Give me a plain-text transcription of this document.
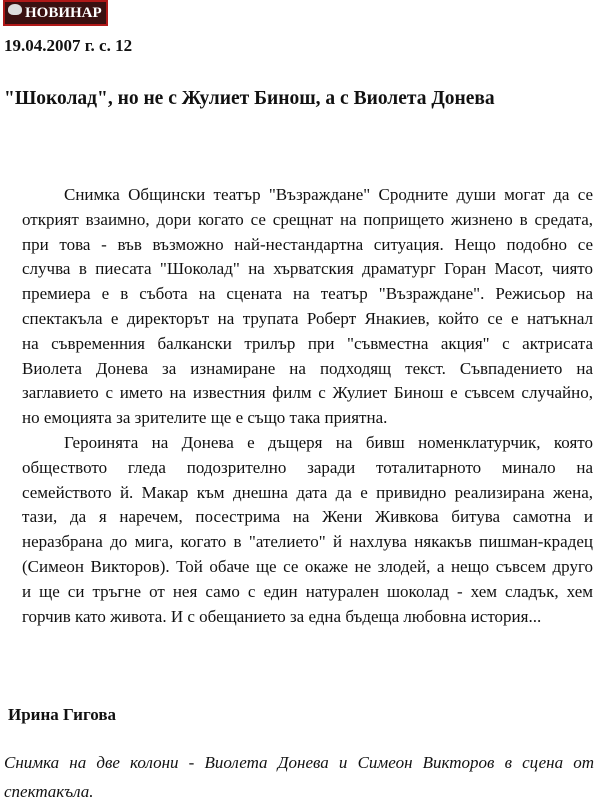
НОВИНАР
19.04.2007 г. с. 12
"Шоколад", но не с Жулиет Бинош, а с Виолета Донева
Снимка Общински театър "Възраждане" Сродните души могат да се
открият взаимно, дори когато се срещнат на попрището жизнено в средата,
при това - във възможно най-нестандартна ситуация. Нещо подобно се
случва в пиесата "Шоколад" на хърватския драматург Горан Масот, чиято
премиера е в събота на сцената на театър "Възраждане". Режисьор на
спектакъла е директорът на трупата Роберт Янакиев, който се е натъкнал
на съвременния балкански трилър при "съвместна акция" с актрисата
Виолета Донева за изнамиране на подходящ текст. Съвпадението на
заглавието с името на известния филм с Жулиет Бинош е съвсем случайно,
но емоцията за зрителите ще е също така приятна.
Героинята на Донева е дъщеря на бивш номенклатурчик, която
обществото гледа подозрително заради тоталитарното минало на
семейството й. Макар към днешна дата да е привидно реализирана жена,
тази, да я наречем, посестрима на Жени Живкова битува самотна и
неразбрана до мига, когато в "ателието" й нахлува някакъв пишман-крадец
(Симеон Викторов). Той обаче ще се окаже не злодей, а нещо съвсем друго
и ще си тръгне от нея само с един натурален шоколад - хем сладък, хем
горчив като живота. И с обещанието за една бъдеща любовна история...
Ирина Гигова
Снимка на две колони - Виолета Донева и Симеон Викторов в сцена от
спектакъла.
